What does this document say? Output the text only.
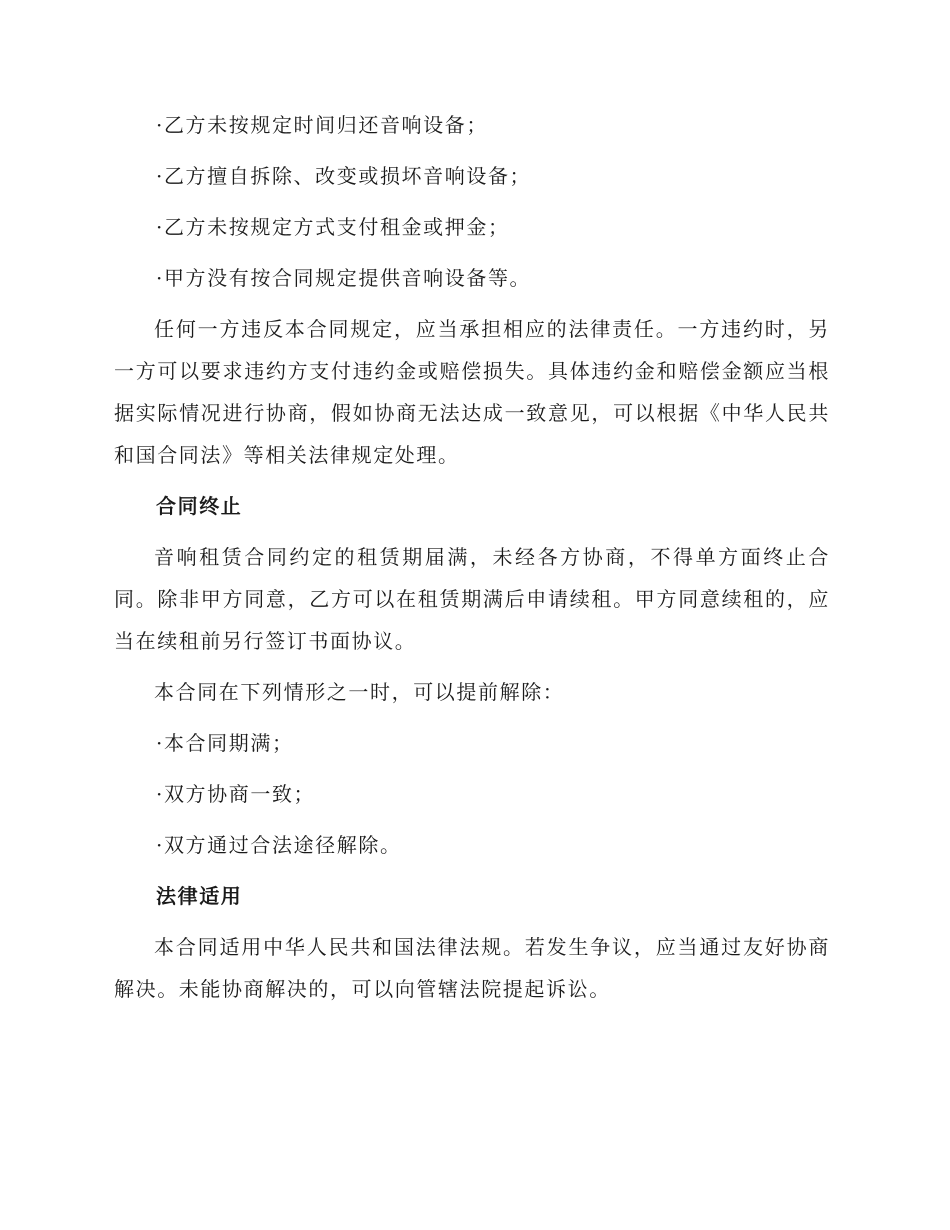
·乙方未按规定时间归还音响设备；
·乙方擅自拆除、改变或损坏音响设备；
·乙方未按规定方式支付租金或押金；
·甲方没有按合同规定提供音响设备等。

任何一方违反本合同规定，应当承担相应的法律责任。一方违约时，另一方可以要求违约方支付违约金或赔偿损失。具体违约金和赔偿金额应当根据实际情况进行协商，假如协商无法达成一致意见，可以根据《中华人民共和国合同法》等相关法律规定处理。

合同终止

音响租赁合同约定的租赁期届满，未经各方协商，不得单方面终止合同。除非甲方同意，乙方可以在租赁期满后申请续租。甲方同意续租的，应当在续租前另行签订书面协议。

本合同在下列情形之一时，可以提前解除：

·本合同期满；
·双方协商一致；
·双方通过合法途径解除。
法律适用

本合同适用中华人民共和国法律法规。若发生争议，应当通过友好协商解决。未能协商解决的，可以向管辖法院提起诉讼。
